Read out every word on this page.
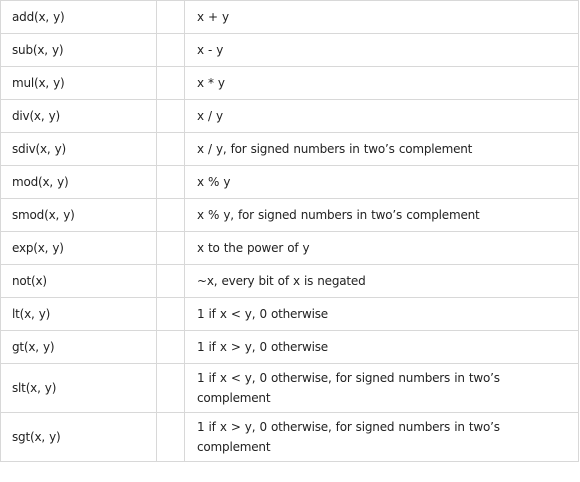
add(x, y)		x + y
sub(x, y)		x - y
mul(x, y)		x * y
div(x, y)		x / y
sdiv(x, y)		x / y, for signed numbers in two’s complement
mod(x, y)		x % y
smod(x, y)		x % y, for signed numbers in two’s complement
exp(x, y)		x to the power of y
not(x)		~x, every bit of x is negated
lt(x, y)		1 if x < y, 0 otherwise
gt(x, y)		1 if x > y, 0 otherwise
slt(x, y)		1 if x < y, 0 otherwise, for signed numbers in two’s complement
sgt(x, y)		1 if x > y, 0 otherwise, for signed numbers in two’s complement
